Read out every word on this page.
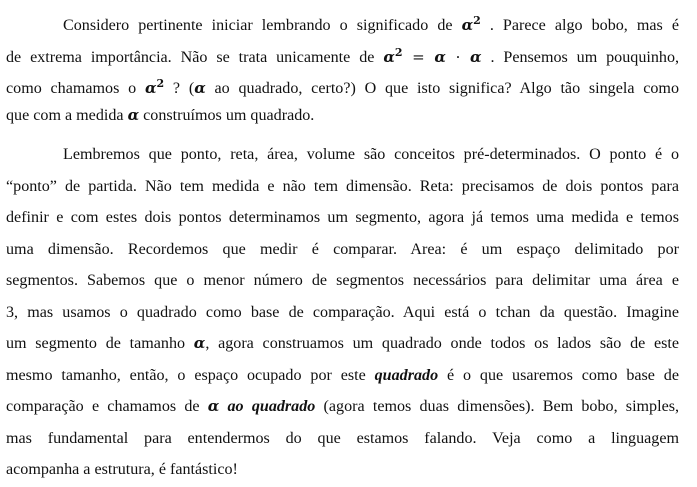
Considero pertinente iniciar lembrando o significado de $\alpha^2$ . Parece algo bobo, mas é
de extrema importância. Não se trata unicamente de $\alpha^2 = \alpha \cdot \alpha$ . Pensemos um pouquinho,
como chamamos o $\alpha^2$ ? (α ao quadrado, certo?) O que isto significa? Algo tão singela como
que com a medida α construímos um quadrado.
Lembremos que ponto, reta, área, volume são conceitos pré-determinados. O ponto é o
“ponto” de partida. Não tem medida e não tem dimensão. Reta: precisamos de dois pontos para
definir e com estes dois pontos determinamos um segmento, agora já temos uma medida e temos
uma dimensão. Recordemos que medir é comparar. Area: é um espaço delimitado por
segmentos. Sabemos que o menor número de segmentos necessários para delimitar uma área e
3, mas usamos o quadrado como base de comparação. Aqui está o tchan da questão. Imagine
um segmento de tamanho α, agora construamos um quadrado onde todos os lados são de este
mesmo tamanho, então, o espaço ocupado por este quadrado é o que usaremos como base de
comparação e chamamos de α ao quadrado (agora temos duas dimensões). Bem bobo, simples,
mas fundamental para entendermos do que estamos falando. Veja como a linguagem
acompanha a estrutura, é fantástico!
